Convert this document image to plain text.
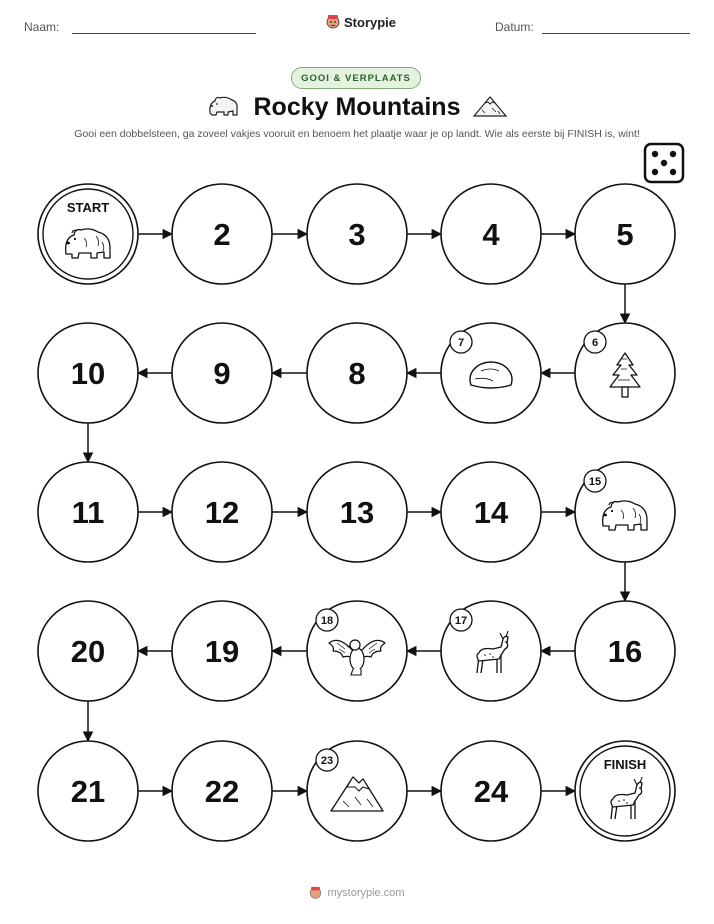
Naam:	Storypie	Datum:
GOOI & VERPLAATS
Rocky Mountains
Gooi een dobbelsteen, ga zoveel vakjes vooruit en benoem het plaatje waar je op landt. Wie als eerste bij FINISH is, wint!
START
2	3	4	5
10	9	8
7	6
11	12	13	14
15
20	19
18	17
16
21	22
23
24
FINISH
mystorypie.com
